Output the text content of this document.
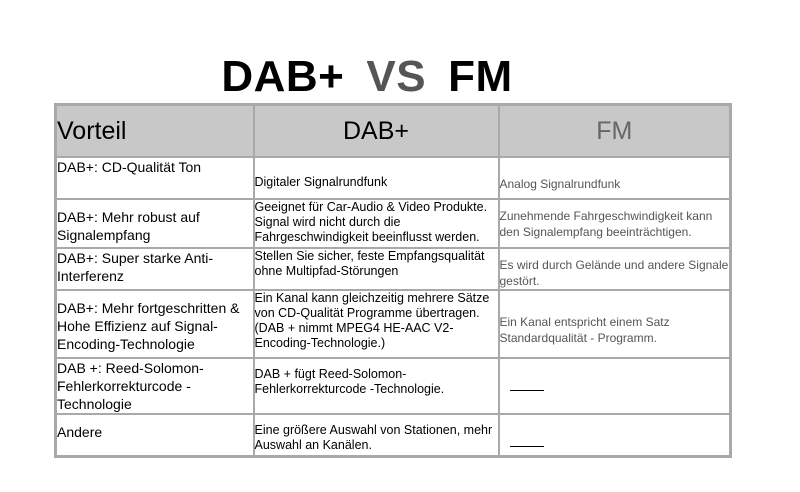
DAB+ VS FM
Vorteil	DAB+	FM
DAB+: CD-Qualität Ton	Digitaler Signalrundfunk	Analog Signalrundfunk
DAB+: Mehr robust auf Signalempfang	Geeignet für Car-Audio & Video Produkte. Signal wird nicht durch die Fahrgeschwindigkeit beeinflusst werden.	Zunehmende Fahrgeschwindigkeit kann den Signalempfang beeinträchtigen.
DAB+: Super starke Anti-Interferenz	Stellen Sie sicher, feste Empfangsqualität ohne Multipfad-Störungen	Es wird durch Gelände und andere Signale gestört.
DAB+: Mehr fortgeschritten & Hohe Effizienz auf Signal-Encoding-Technologie	Ein Kanal kann gleichzeitig mehrere Sätze von CD-Qualität Programme übertragen. (DAB + nimmt MPEG4 HE-AAC V2-Encoding-Technologie.)	Ein Kanal entspricht einem Satz Standardqualität - Programm.
DAB +: Reed-Solomon-Fehlerkorrekturcode -Technologie	DAB + fügt Reed-Solomon-Fehlerkorrekturcode -Technologie.	
Andere	Eine größere Auswahl von Stationen, mehr Auswahl an Kanälen.	
